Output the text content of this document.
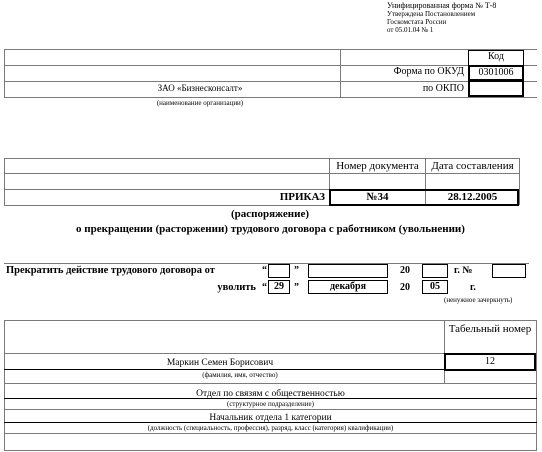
Унифицированная форма № Т-8
Утверждена Постановлением
Госкомстата России
от 05.01.04 № 1
Код
Форма по ОКУД	0301006
по ОКПО
ЗАО «Бизнесконсалт»
(наименование организации)
Номер документа	Дата составления
№34	28.12.2005
ПРИКАЗ
(распоряжение)
о прекращении (расторжении) трудового договора с работником (увольнении)
Прекратить действие трудового договора от	“	”	20	г. №
уволить “ 29	”	декабря	20	05	г.
(ненужное зачеркнуть)
Табельный номер
12
Маркин Семен Борисович
(фамилия, имя, отчество)
Отдел по связям с общественностью
(структурное подразделение)
Начальник отдела 1 категории
(должность (специальность, профессия), разряд, класс (категория) квалификации)
